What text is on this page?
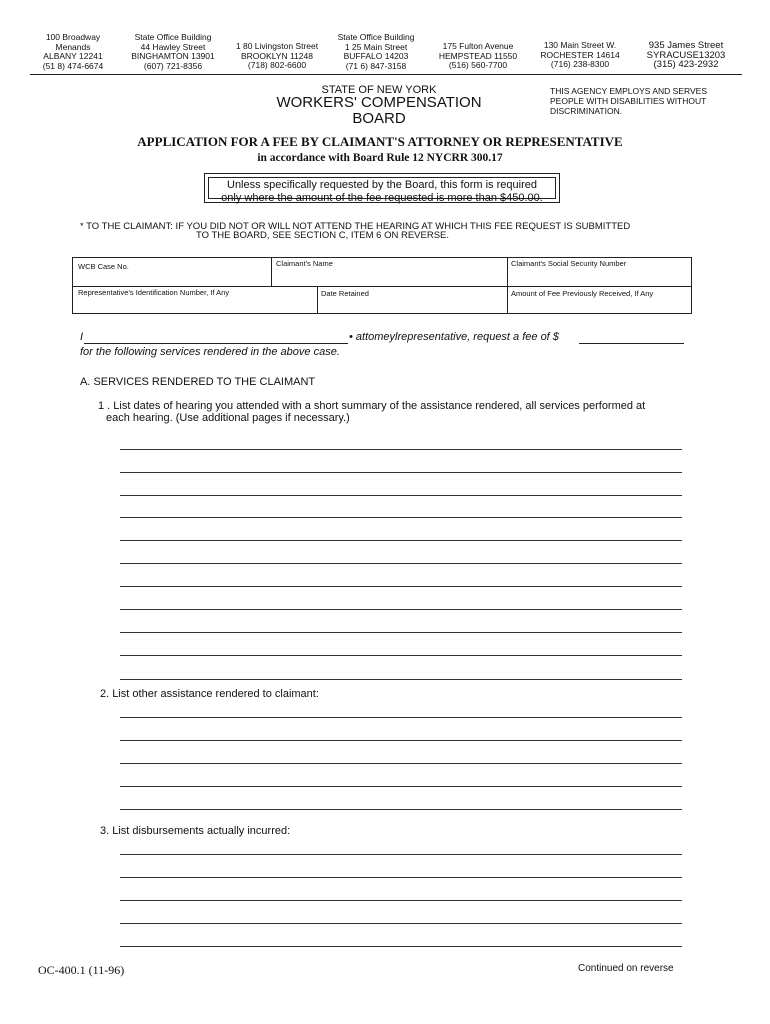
100 Broadway
Menands
ALBANY 12241
(51 8) 474-6674
State Office Building
44 Hawley Street
BINGHAMTON 13901
(607) 721-8356
1 80 Livingston Street
BROOKLYN 11248
(718) 802-6600
State Office Building
1 25 Main Street
BUFFALO 14203
(71 6) 847-3158
175 Fulton Avenue
HEMPSTEAD 11550
(516) 560-7700
130 Main Street W.
ROCHESTER 14614
(716) 238-8300
935 James Street
SYRACUSE13203
(315) 423-2932
STATE OF NEW YORK
WORKERS' COMPENSATION BOARD
THIS AGENCY EMPLOYS AND SERVES
PEOPLE WITH DISABILITIES WITHOUT
DISCRIMINATION.
APPLICATION FOR A FEE BY CLAIMANT'S ATTORNEY OR REPRESENTATIVE
in accordance with Board Rule 12 NYCRR 300.17
Unless specifically requested by the Board, this form is required
only where the amount of the fee requested is more than $450.00.
* TO THE CLAIMANT: IF YOU DID NOT OR WILL NOT ATTEND THE HEARING AT WHICH THIS FEE REQUEST IS SUBMITTED
TO THE BOARD, SEE SECTION C, ITEM 6 ON REVERSE.
WCB Case No.	Claimant's Name	Claimant's Social Security Number
Representative's Identification Number, If Any	Date Retained	Amount of Fee Previously Received, If Any
I	• attomeylrepresentative, request a fee of $
for the following services rendered in the above case.
A. SERVICES RENDERED TO THE CLAIMANT
1 . List dates of hearing you attended with a short summary of the assistance rendered, all services performed at
each hearing. (Use additional pages if necessary.)
2. List other assistance rendered to claimant:
3. List disbursements actually incurred:
OC-400.1 (11-96)	Continued on reverse
